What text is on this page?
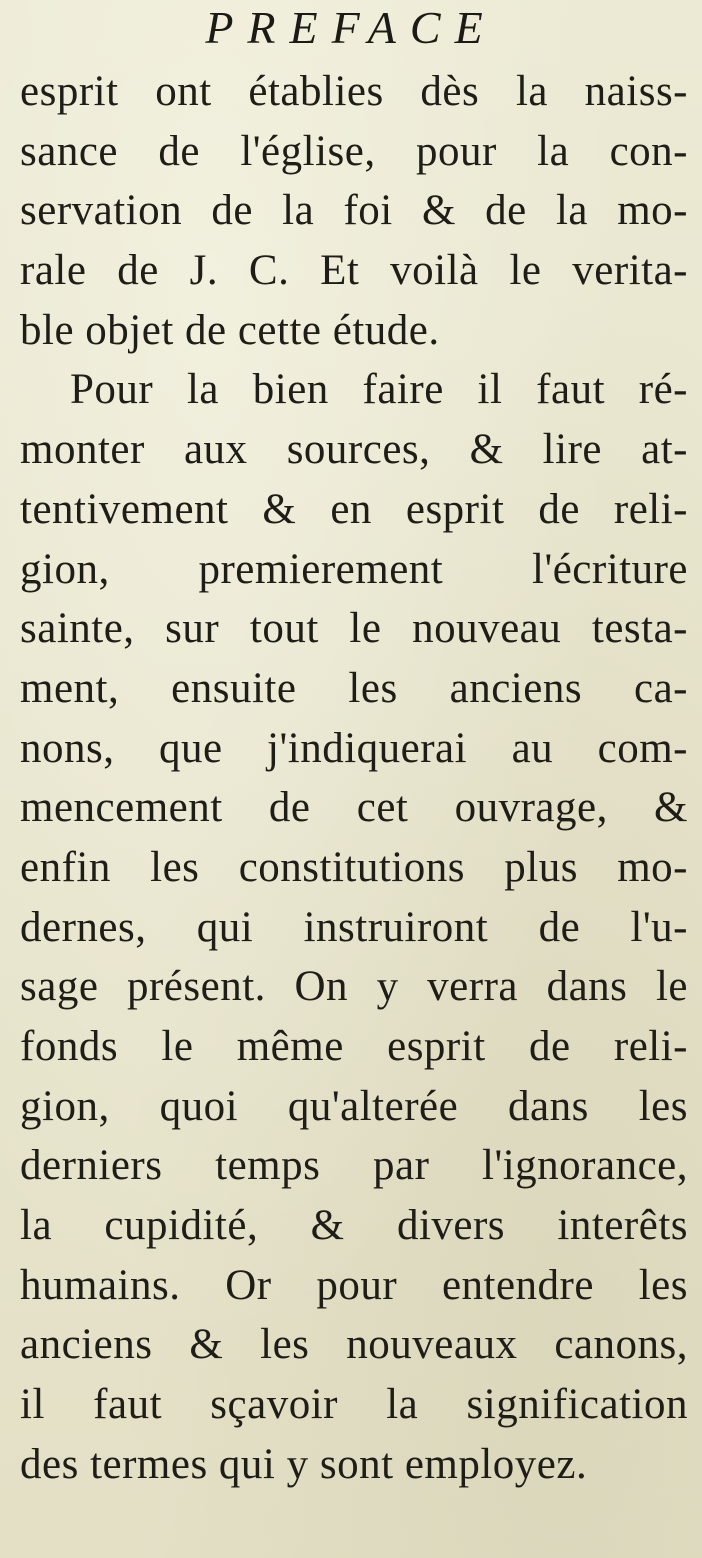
PREFACE
esprit ont établies dès la naiss-
sance de l'église, pour la con-
servation de la foi & de la mo-
rale de J. C. Et voilà le verita-
ble objet de cette étude.
Pour la bien faire il faut ré-
monter aux sources, & lire at-
tentivement & en esprit de reli-
gion, premierement l'écriture
sainte, sur tout le nouveau testa-
ment, ensuite les anciens ca-
nons, que j'indiquerai au com-
mencement de cet ouvrage, &
enfin les constitutions plus mo-
dernes, qui instruiront de l'u-
sage présent. On y verra dans le
fonds le même esprit de reli-
gion, quoi qu'alterée dans les
derniers temps par l'ignorance,
la cupidité, & divers interêts
humains. Or pour entendre les
anciens & les nouveaux canons,
il faut sçavoir la signification
des termes qui y sont employez.
